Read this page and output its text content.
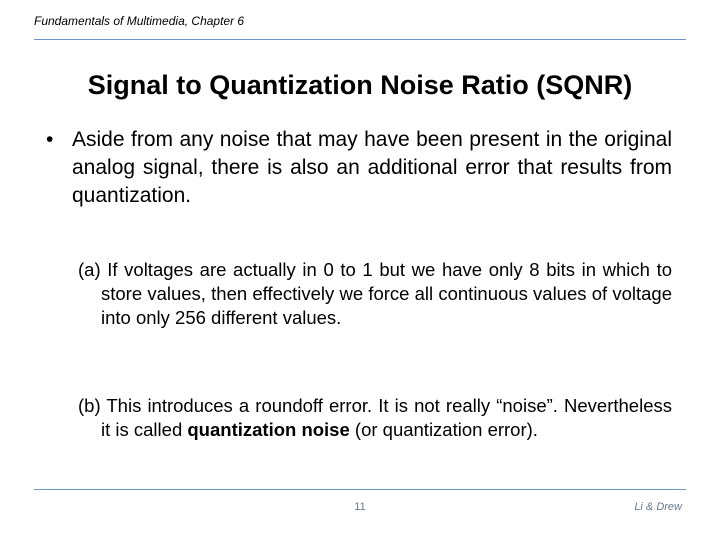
Fundamentals of Multimedia, Chapter 6
Signal to Quantization Noise Ratio (SQNR)
• Aside from any noise that may have been present in the original analog signal, there is also an additional error that results from quantization.
(a) If voltages are actually in 0 to 1 but we have only 8 bits in which to store values, then effectively we force all continuous values of voltage into only 256 different values.
(b) This introduces a roundoff error. It is not really “noise”. Nevertheless it is called quantization noise (or quantization error).
11	Li & Drew
